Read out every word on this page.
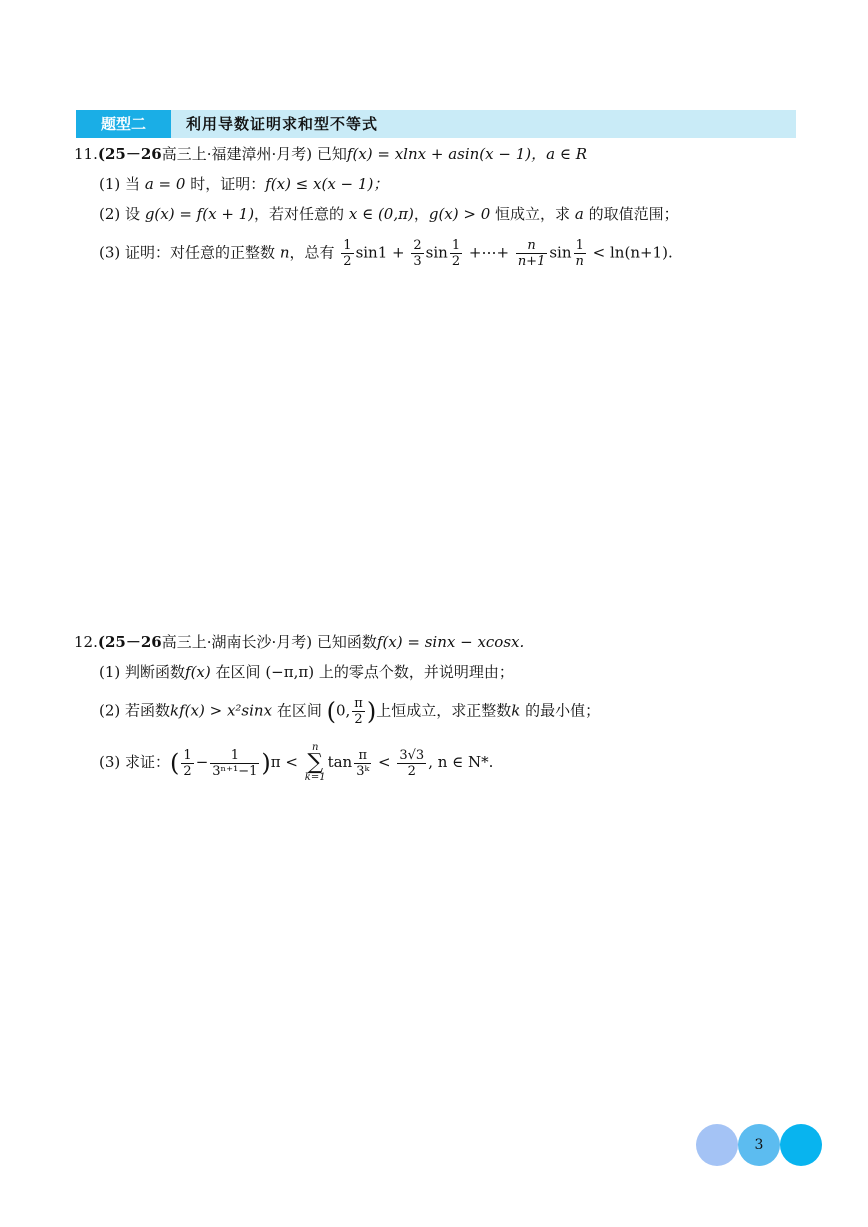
题型二	利用导数证明求和型不等式
11.(25－26高三上·福建漳州·月考) 已知f(x) = xlnx + asin(x − 1)，a ∈ R
(1) 当 a = 0 时，证明：f(x) ≤ x(x − 1)；
(2) 设 g(x) = f(x + 1)，若对任意的 x ∈ (0,π)，g(x) > 0 恒成立，求 a 的取值范围；
(3) 证明：对任意的正整数 n，总有 $\frac{1}{2} \sin 1 + \frac{2}{3}$ $\sin \frac{1}{2}$ +⋯+ $\frac{n}{n+1}$ $\sin \frac{1}{n} < \ln(n+1)$.
12.(25－26高三上·湖南长沙·月考) 已知函数f(x) = sinx − xcosx.
(1) 判断函数f(x) 在区间 (−π,π) 上的零点个数，并说明理由；
(2) 若函数kf(x) > x²sinx 在区间 (0, $\frac{\pi}{2}$ )上恒成立，求正整数k 的最小值；
(3) 求证：( $\frac{1}{2} - \frac{1}{\text{3ⁿ⁺¹−1}} )\pi$ <
n
∑
k=1
$\tan \frac{\pi}{\text{3ᵏ}} < \frac{3√3}{2}$ , n ∈ N*.
3
